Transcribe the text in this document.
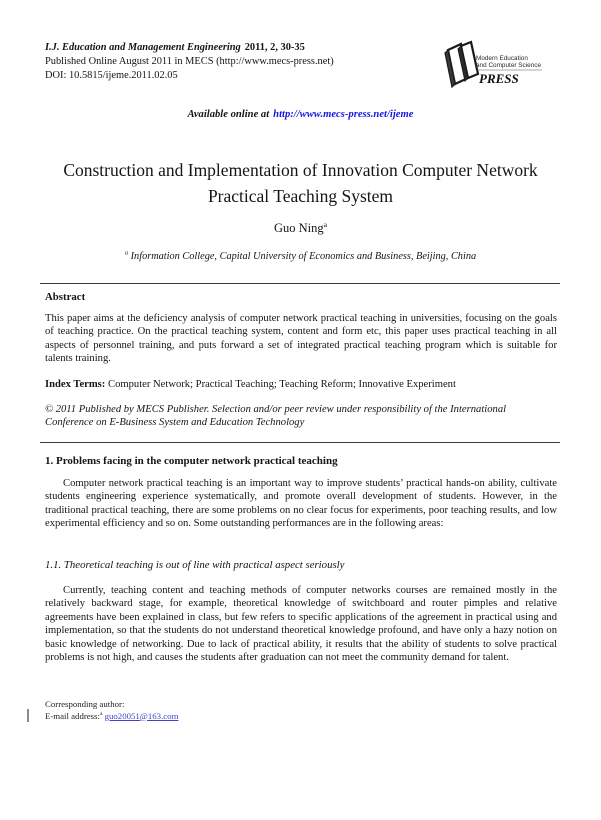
I.J. Education and Management Engineering 2011, 2, 30-35
Published Online August 2011 in MECS (http://www.mecs-press.net)
DOI: 10.5815/ijeme.2011.02.05
Modern Education
and Computer Science
PRESS
Available online at http://www.mecs-press.net/ijeme
Construction and Implementation of Innovation Computer Network Practical Teaching System
Guo Ning$^a$
$^a$ Information College, Capital University of Economics and Business, Beijing, China
Abstract

This paper aims at the deficiency analysis of computer network practical teaching in universities, focusing on the goals of teaching practice. On the practical teaching system, content and form etc, this paper uses practical teaching in all aspects of personnel training, and puts forward a set of integrated practical teaching program which is suitable for talents training.

Index Terms: Computer Network; Practical Teaching; Teaching Reform; Innovative Experiment

© 2011 Published by MECS Publisher. Selection and/or peer review under responsibility of the International Conference on E-Business System and Education Technology

1. Problems facing in the computer network practical teaching

Computer network practical teaching is an important way to improve students’ practical hands-on ability, cultivate students engineering experience systematically, and promote overall development of students. However, in the traditional practical teaching, there are some problems on no clear focus for experiments, poor teaching results, and low experimental efficiency and so on. Some outstanding performances are in the following areas:

1.1. Theoretical teaching is out of line with practical aspect seriously

Currently, teaching content and teaching methods of computer networks courses are remained mostly in the relatively backward stage, for example, theoretical knowledge of switchboard and router pimples and relative agreements have been explained in class, but few refers to specific applications of the agreement in practical using and implementation, so that the students do not understand theoretical knowledge profound, and have only a hazy notion on basic knowledge of networking. Due to lack of practical ability, it results that the ability of students to solve practical problems is not high, and causes the students after graduation can not meet the community demand for talent.

Corresponding author:
E-mail address:$^a$ guo20051@163.com
